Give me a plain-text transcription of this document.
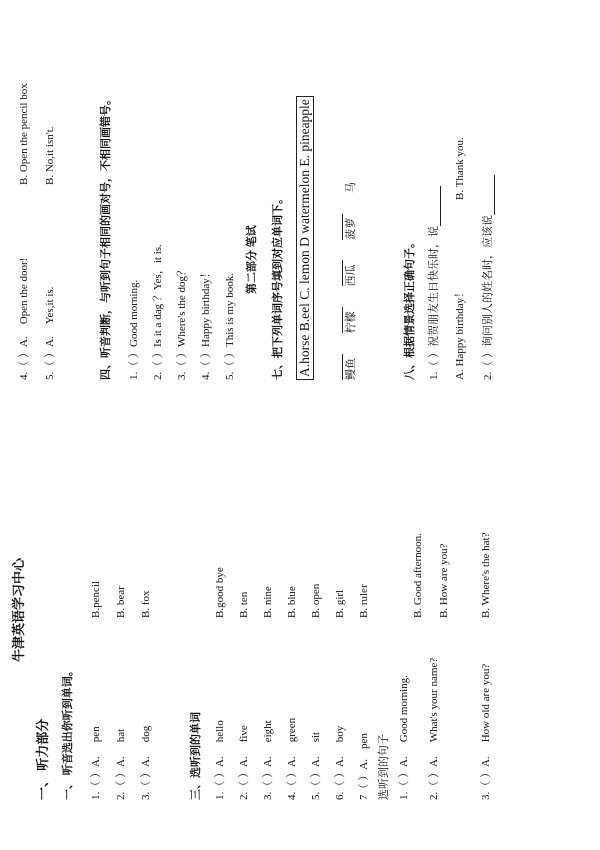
牛津英语学习中心
一、 听力部分 一、 听音选出你听到单词。 1.（ ）A.pen
B.pencil
2.（ ）A.hat
B. bear
3.（ ）A.dog
B. fox
三、选听到的单词 1.（ ）A.hello
B.good bye
2.（ ）A.five
B. ten
3.（ ）A.eight
B. nine
4.（ ）A.green
B. blue
5.（ ）A.sit
B. open
6.（ ）A.boy
B. girl
7（ ）A.pen
B. ruler
选听到的句子 1.（ ）A.Good morning.
B. Good afternoon.
2.（ ）A.What's your name?
B. How are you?
3.（ ）A.How old are you?
B. Where's the hat?
4.（ ）A.Open the door!
B. Open the pencil box
5.（ ）A.Yes,it is.
B. No,it isn't.	四、听音判断，与听到句子相同的画对号，不相同画错号。 1.（ ）Good morning. 2.（ ）Is it a dag ？Yes，it is. 3.（ ）Where's the dog？ 4.（ ）Happy birthday！ 5.（ ）This is my book.
第二部分 笔试 七、把下列单词序号填到对应单词下。 A.horse B.eel C. lemon D watermelon E. pineapple
	鳗鱼 柠檬 西瓜 菠萝 马
八、根据情景选择正确句子。 1.（ ）祝贺朋友生日快乐时，说 A. Happy birthday！
B. Thank you.
2.（ ）询问别人的姓名时，应该说
